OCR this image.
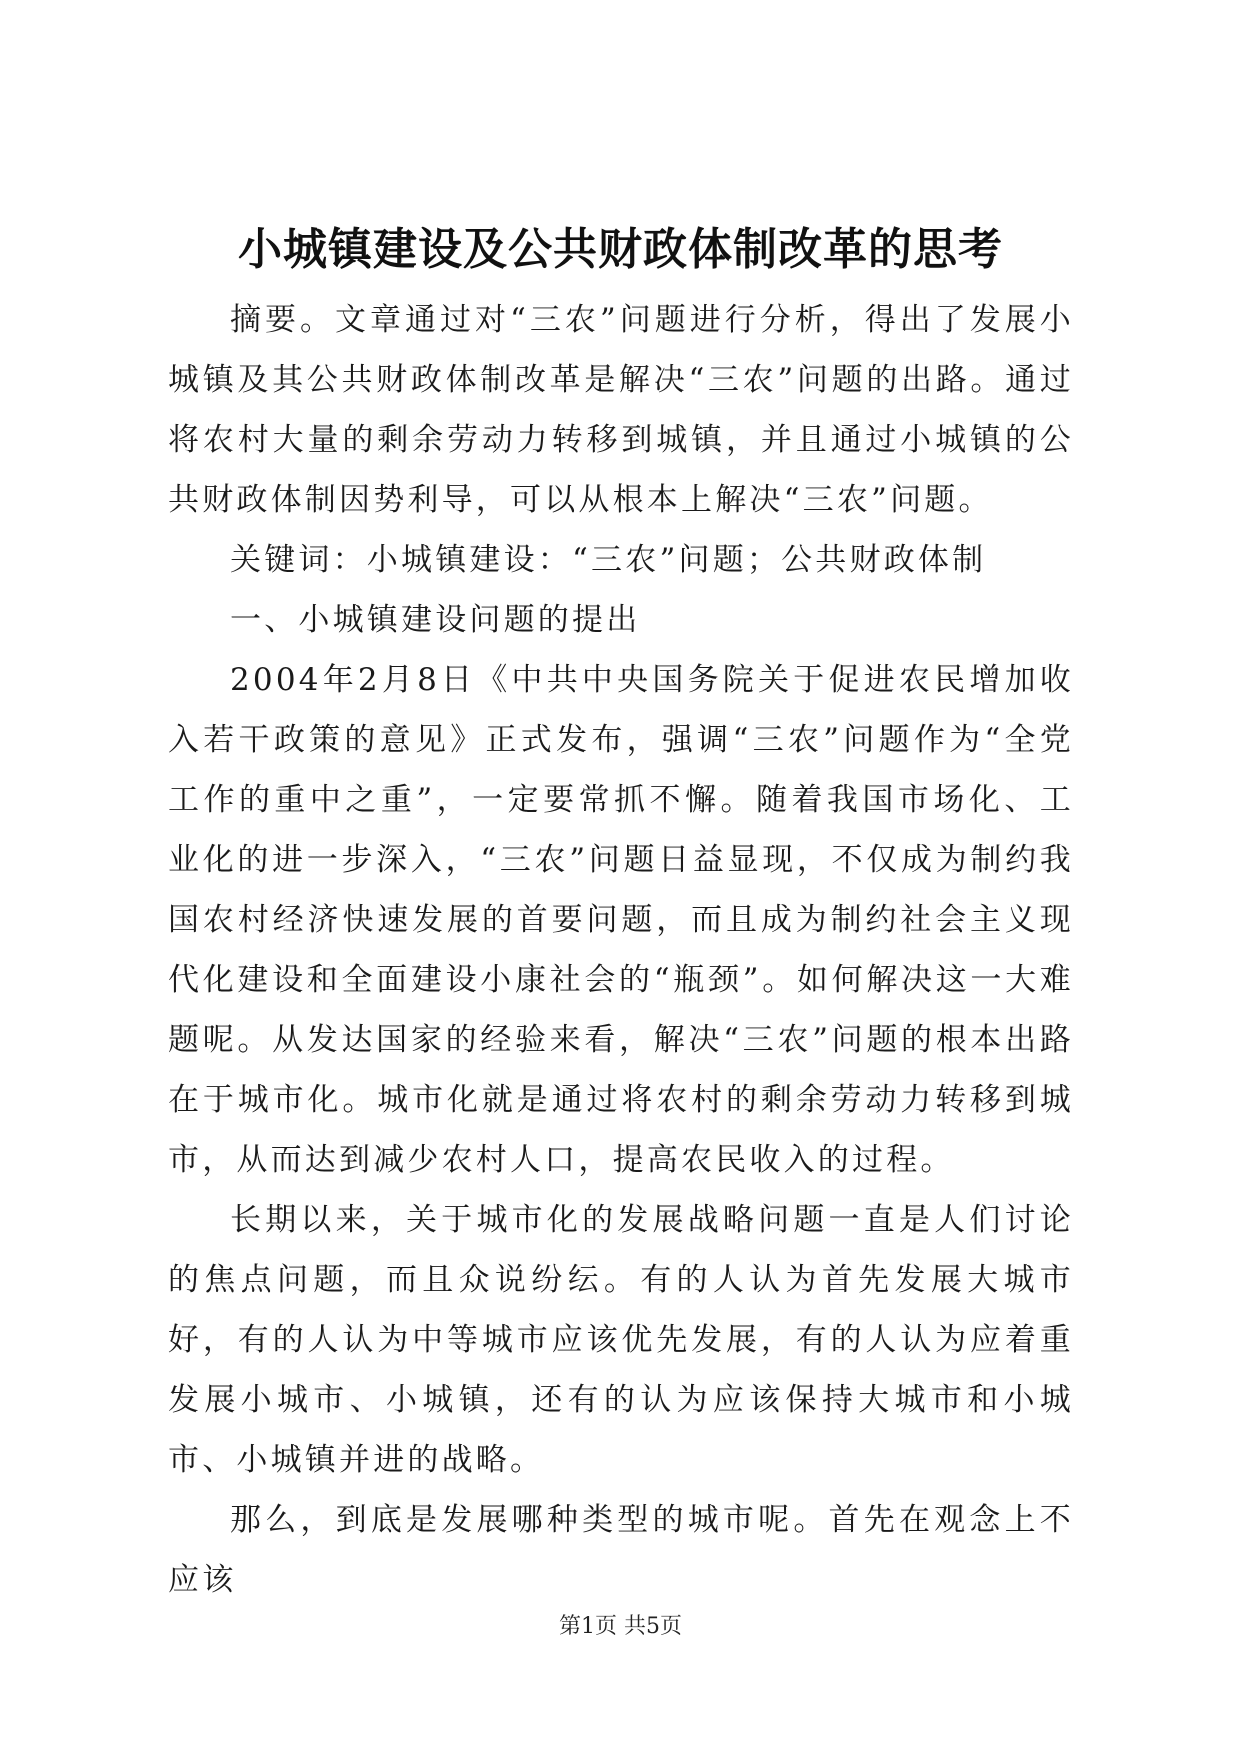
小城镇建设及公共财政体制改革的思考

摘要。文章通过对“三农”问题进行分析，得出了发展小城镇及其公共财政体制改革是解决“三农”问题的出路。通过将农村大量的剩余劳动力转移到城镇，并且通过小城镇的公共财政体制因势利导，可以从根本上解决“三农”问题。

关键词：小城镇建设：“三农”问题；公共财政体制

一、小城镇建设问题的提出

2004年2月8日《中共中央国务院关于促进农民增加收入若干政策的意见》正式发布，强调“三农”问题作为“全党工作的重中之重”，一定要常抓不懈。随着我国市场化、工业化的进一步深入，“三农”问题日益显现，不仅成为制约我国农村经济快速发展的首要问题，而且成为制约社会主义现代化建设和全面建设小康社会的“瓶颈”。如何解决这一大难题呢。从发达国家的经验来看，解决“三农”问题的根本出路在于城市化。城市化就是通过将农村的剩余劳动力转移到城市，从而达到减少农村人口，提高农民收入的过程。

长期以来，关于城市化的发展战略问题一直是人们讨论的焦点问题，而且众说纷纭。有的人认为首先发展大城市好，有的人认为中等城市应该优先发展，有的人认为应着重发展小城市、小城镇，还有的认为应该保持大城市和小城市、小城镇并进的战略。

那么，到底是发展哪种类型的城市呢。首先在观念上不应该

第1页 共5页
